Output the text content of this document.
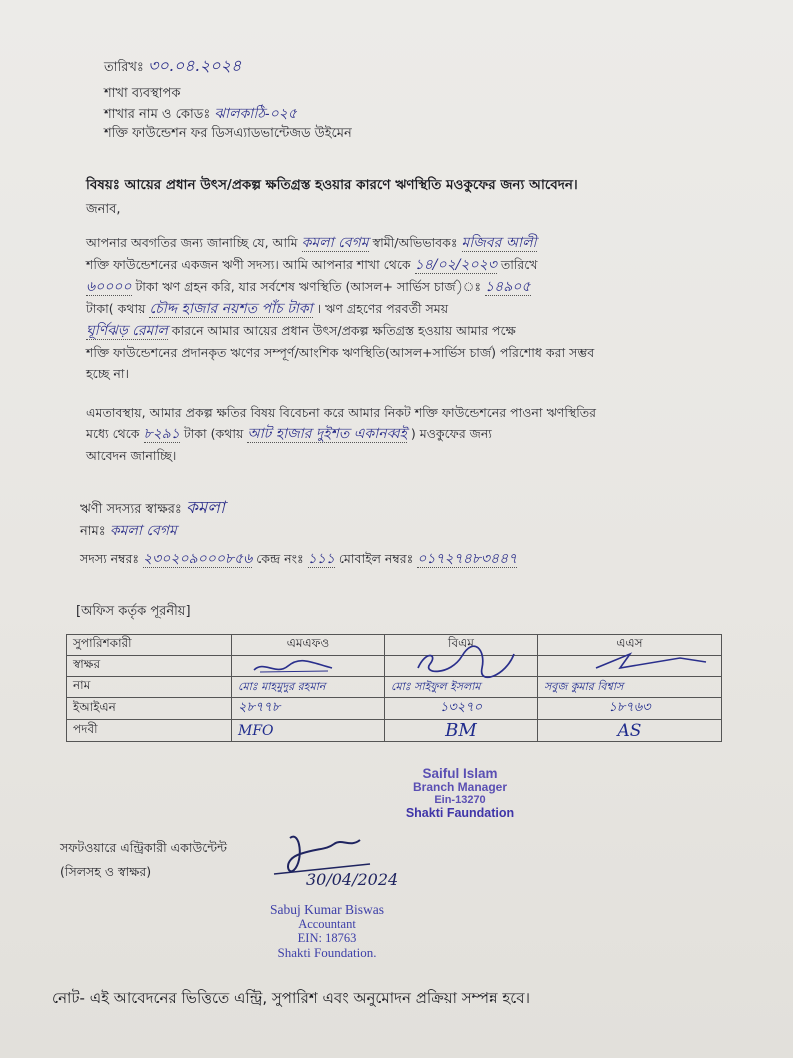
তারিখঃ ৩০.০৪.২০২৪
শাখা ব্যবস্থাপক
শাখার নাম ও কোডঃ ঝালকাঠি-০২৫
শক্তি ফাউন্ডেশন ফর ডিসএ্যাডভান্টেজড উইমেন
বিষয়ঃ আয়ের প্রধান উৎস/প্রকল্প ক্ষতিগ্রস্ত হওয়ার কারণে ঋণস্থিতি মওকুফের জন্য আবেদন।
জনাব,
আপনার অবগতির জন্য জানাচ্ছি যে, আমি কমলা বেগম স্বামী/অভিভাবকঃ মজিবর আলী
শক্তি ফাউন্ডেশনের একজন ঋণী সদস্য। আমি আপনার শাখা থেকে ১৪/০২/২০২৩ তারিখে
৬০০০০ টাকা ঋণ গ্রহন করি, যার সর্বশেষ ঋণস্থিতি (আসল+ সার্ভিস চার্জ)ঃ ১৪৯০৫
টাকা( কথায় চৌদ্দ হাজার নয়শত পাঁচ টাকা । ঋণ গ্রহণের পরবর্তী সময়
ঘূর্ণিঝড় রেমাল কারনে আমার আয়ের প্রধান উৎস/প্রকল্প ক্ষতিগ্রস্ত হওয়ায় আমার পক্ষে
শক্তি ফাউন্ডেশনের প্রদানকৃত ঋণের সম্পূর্ণ/আংশিক ঋণস্থিতি(আসল+সার্ভিস চার্জ) পরিশোধ করা সম্ভব
হচ্ছে না।
এমতাবস্থায়, আমার প্রকল্প ক্ষতির বিষয় বিবেচনা করে আমার নিকট শক্তি ফাউন্ডেশনের পাওনা ঋণস্থিতির
মধ্যে থেকে ৮২৯১ টাকা (কথায় আট হাজার দুইশত একানব্বই ) মওকুফের জন্য
আবেদন জানাচ্ছি।
ঋণী সদস্যর স্বাক্ষরঃ কমলা
নামঃ কমলা বেগম
সদস্য নম্বরঃ ২৩০২০৯০০০৮৫৬ কেন্দ্র নংঃ ১১১ মোবাইল নম্বরঃ ০১৭২৭৪৮৩৪৪৭
[অফিস কর্তৃক পূরনীয়]
সুপারিশকারী	এমএফও	বিএম	এএস
স্বাক্ষর			
নাম	মোঃ মাহমুদুর রহমান	মোঃ সাইফুল ইসলাম	সবুজ কুমার বিশ্বাস
ইআইএন	২৮৭৭৮	১৩২৭০	১৮৭৬৩
পদবী	MFO	BM	AS
Saiful Islam
Branch Manager
Ein-13270
Shakti Faundation
সফটওয়ারে এন্ট্রিকারী একাউন্টেন্ট
(সিলসহ ও স্বাক্ষর)	30/04/2024
Sabuj Kumar Biswas
Accountant
EIN: 18763
Shakti Foundation.
নোট- এই আবেদনের ভিত্তিতে এন্ট্রি, সুপারিশ এবং অনুমোদন প্রক্রিয়া সম্পন্ন হবে।
